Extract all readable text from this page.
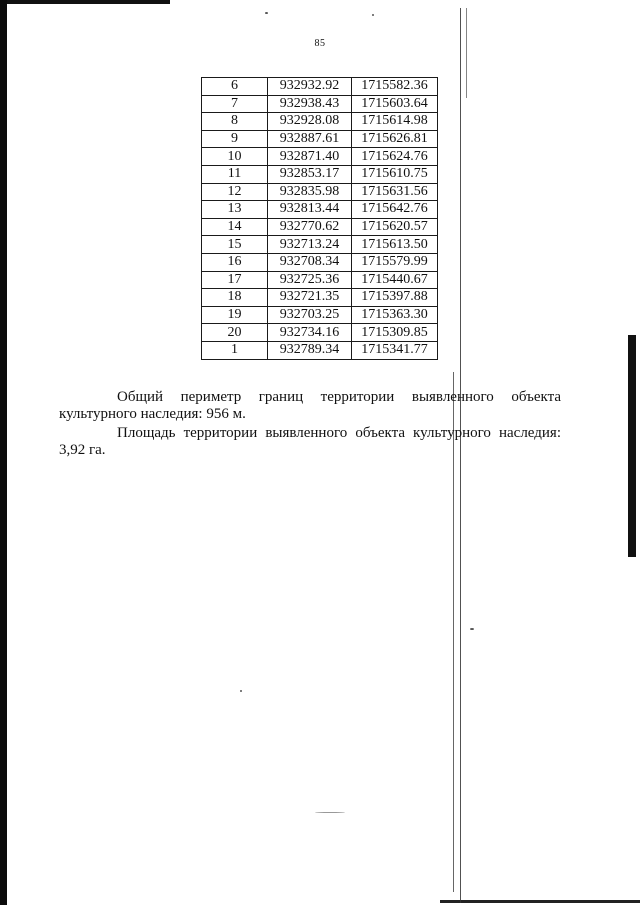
85
6	932932.92	1715582.36
7	932938.43	1715603.64
8	932928.08	1715614.98
9	932887.61	1715626.81
10	932871.40	1715624.76
11	932853.17	1715610.75
12	932835.98	1715631.56
13	932813.44	1715642.76
14	932770.62	1715620.57
15	932713.24	1715613.50
16	932708.34	1715579.99
17	932725.36	1715440.67
18	932721.35	1715397.88
19	932703.25	1715363.30
20	932734.16	1715309.85
1	932789.34	1715341.77
Общий периметр границ территории выявленного объекта
культурного наследия: 956 м.
Площадь территории выявленного объекта культурного наследия:
3,92 га.
